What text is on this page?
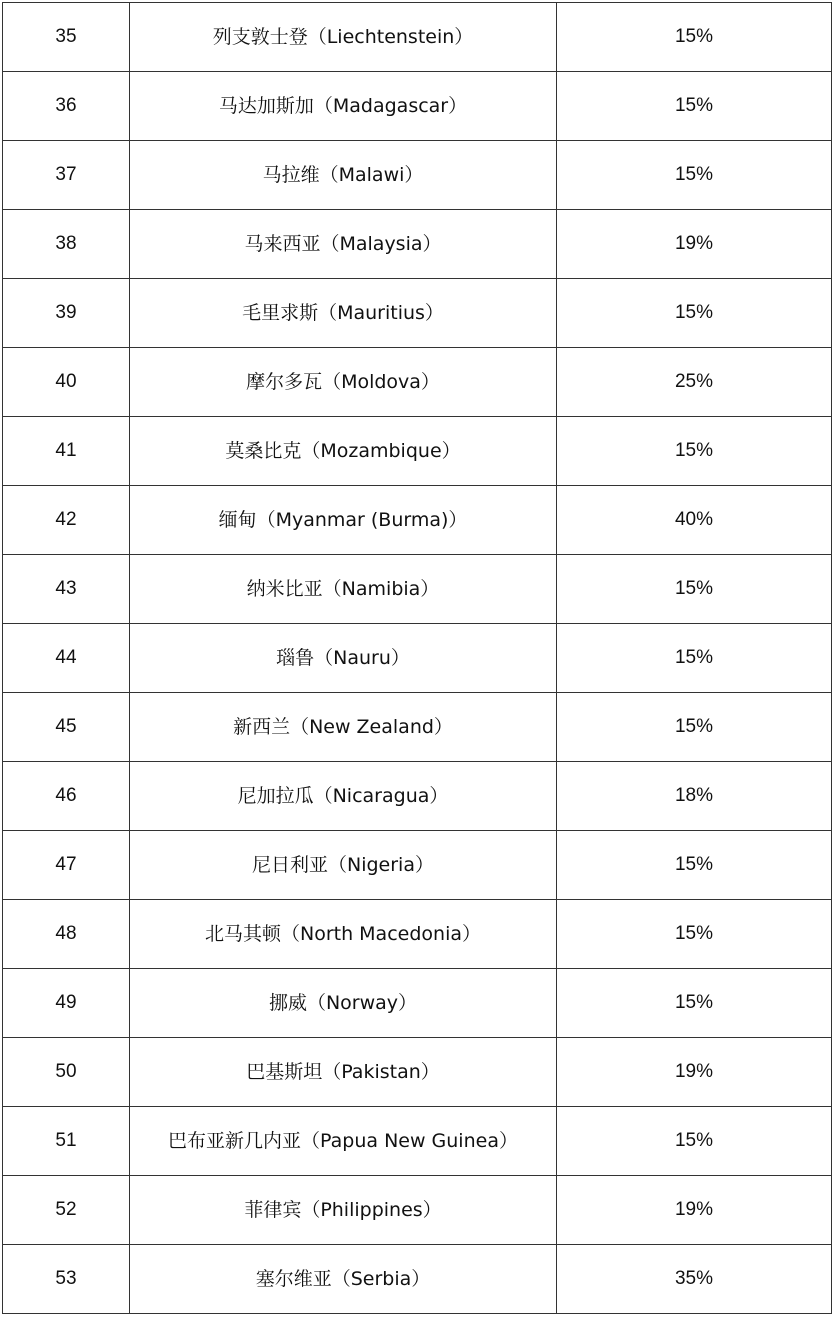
35	列支敦士登（Liechtenstein）	15%
36	马达加斯加（Madagascar）	15%
37	马拉维（Malawi）	15%
38	马来西亚（Malaysia）	19%
39	毛里求斯（Mauritius）	15%
40	摩尔多瓦（Moldova）	25%
41	莫桑比克（Mozambique）	15%
42	缅甸（Myanmar (Burma)）	40%
43	纳米比亚（Namibia）	15%
44	瑙鲁（Nauru）	15%
45	新西兰（New Zealand）	15%
46	尼加拉瓜（Nicaragua）	18%
47	尼日利亚（Nigeria）	15%
48	北马其顿（North Macedonia）	15%
49	挪威（Norway）	15%
50	巴基斯坦（Pakistan）	19%
51	巴布亚新几内亚（Papua New Guinea）	15%
52	菲律宾（Philippines）	19%
53	塞尔维亚（Serbia）	35%
